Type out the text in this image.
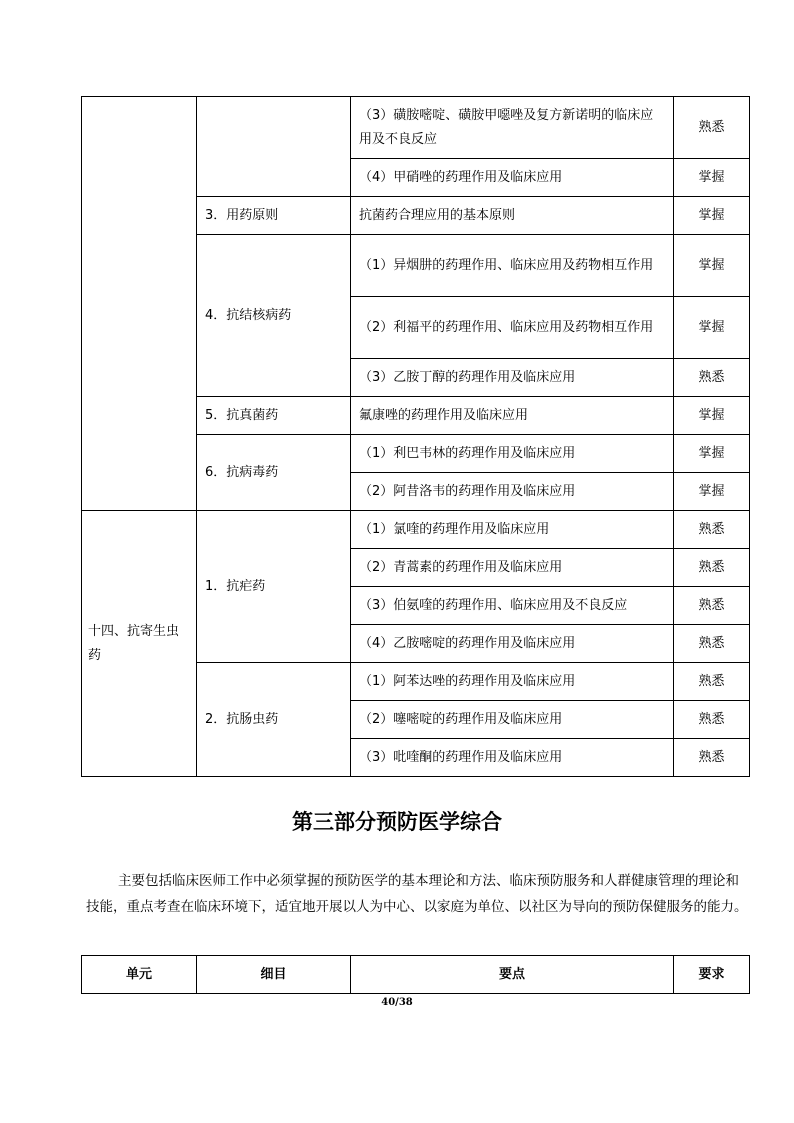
		（3）磺胺嘧啶、磺胺甲噁唑及复方新诺明的临床应用及不良反应	熟悉
		（4）甲硝唑的药理作用及临床应用	掌握
	3．用药原则	抗菌药合理应用的基本原则	掌握
	4．抗结核病药	（1）异烟肼的药理作用、临床应用及药物相互作用	掌握
		（2）利福平的药理作用、临床应用及药物相互作用	掌握
		（3）乙胺丁醇的药理作用及临床应用	熟悉
	5．抗真菌药	氟康唑的药理作用及临床应用	掌握
	6．抗病毒药	（1）利巴韦林的药理作用及临床应用	掌握
		（2）阿昔洛韦的药理作用及临床应用	掌握
十四、抗寄生虫药	1．抗疟药	（1）氯喹的药理作用及临床应用	熟悉
		（2）青蒿素的药理作用及临床应用	熟悉
		（3）伯氨喹的药理作用、临床应用及不良反应	熟悉
		（4）乙胺嘧啶的药理作用及临床应用	熟悉
	2．抗肠虫药	（1）阿苯达唑的药理作用及临床应用	熟悉
		（2）噻嘧啶的药理作用及临床应用	熟悉
		（3）吡喹酮的药理作用及临床应用	熟悉
第三部分预防医学综合

主要包括临床医师工作中必须掌握的预防医学的基本理论和方法、临床预防服务和人群健康管理的理论和技能，重点考查在临床环境下，适宜地开展以人为中心、以家庭为单位、以社区为导向的预防保健服务的能力。

单元	细目	要点	要求
40/38
